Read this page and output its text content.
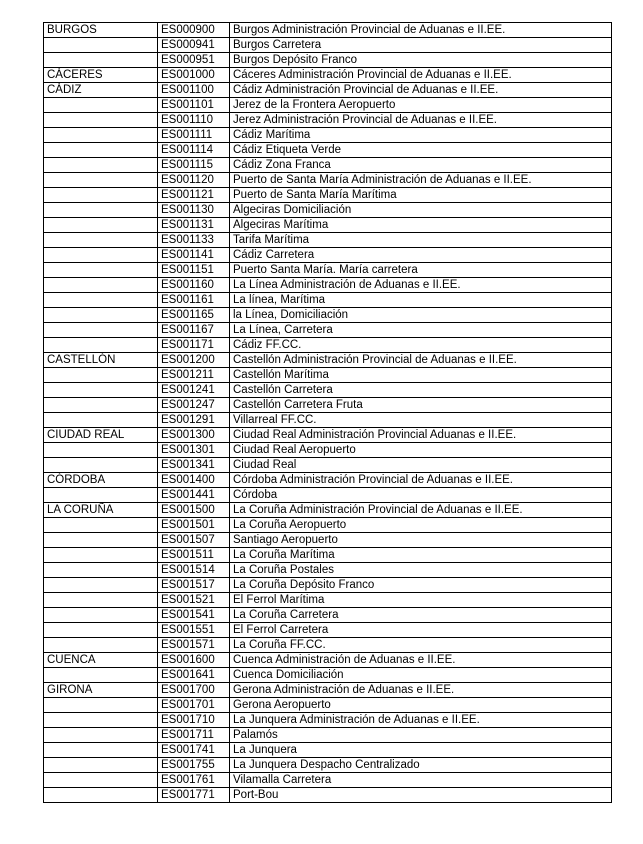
BURGOS	ES000900	Burgos Administración Provincial de Aduanas e II.EE.
	ES000941	Burgos Carretera
	ES000951	Burgos Depósito Franco
CÁCERES	ES001000	Cáceres Administración Provincial de Aduanas e II.EE.
CÁDIZ	ES001100	Cádiz Administración Provincial de Aduanas e II.EE.
	ES001101	Jerez de la Frontera Aeropuerto
	ES001110	Jerez Administración Provincial de Aduanas e II.EE.
	ES001111	Cádiz Marítima
	ES001114	Cádiz Etiqueta Verde
	ES001115	Cádiz Zona Franca
	ES001120	Puerto de Santa María Administración de Aduanas e II.EE.
	ES001121	Puerto de Santa María Marítima
	ES001130	Algeciras Domiciliación
	ES001131	Algeciras Marítima
	ES001133	Tarifa Marítima
	ES001141	Cádiz Carretera
	ES001151	Puerto Santa María. María carretera
	ES001160	La Línea Administración de Aduanas e II.EE.
	ES001161	La línea, Marítima
	ES001165	la Línea, Domiciliación
	ES001167	La Línea, Carretera
	ES001171	Cádiz FF.CC.
CASTELLÓN	ES001200	Castellón Administración Provincial de Aduanas e II.EE.
	ES001211	Castellón Marítima
	ES001241	Castellón Carretera
	ES001247	Castellón Carretera Fruta
	ES001291	Villarreal FF.CC.
CIUDAD REAL	ES001300	Ciudad Real Administración Provincial Aduanas e II.EE.
	ES001301	Ciudad Real Aeropuerto
	ES001341	Ciudad Real
CÓRDOBA	ES001400	Córdoba Administración Provincial de Aduanas e II.EE.
	ES001441	Córdoba
LA CORUÑA	ES001500	La Coruña Administración Provincial de Aduanas e II.EE.
	ES001501	La Coruña Aeropuerto
	ES001507	Santiago Aeropuerto
	ES001511	La Coruña Marítima
	ES001514	La Coruña Postales
	ES001517	La Coruña Depósito Franco
	ES001521	El Ferrol Marítima
	ES001541	La Coruña Carretera
	ES001551	El Ferrol Carretera
	ES001571	La Coruña FF.CC.
CUENCA	ES001600	Cuenca Administración de Aduanas e II.EE.
	ES001641	Cuenca Domiciliación
GIRONA	ES001700	Gerona Administración de Aduanas e II.EE.
	ES001701	Gerona Aeropuerto
	ES001710	La Junquera Administración de Aduanas e II.EE.
	ES001711	Palamós
	ES001741	La Junquera
	ES001755	La Junquera Despacho Centralizado
	ES001761	Vilamalla Carretera
	ES001771	Port-Bou
